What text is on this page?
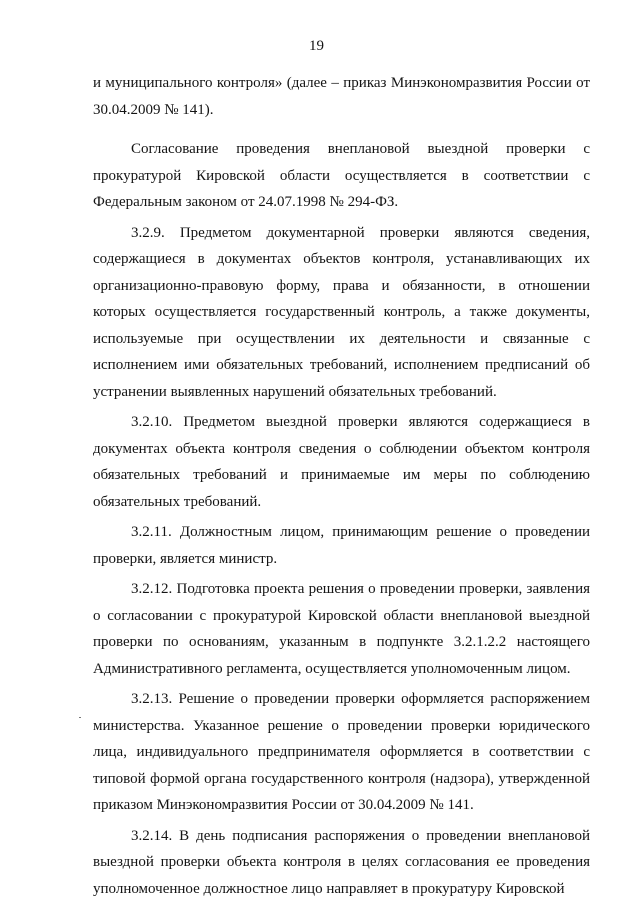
19

и муниципального контроля» (далее – приказ Минэкономразвития России от 30.04.2009 № 141).

Согласование проведения внеплановой выездной проверки с прокуратурой Кировской области осуществляется в соответствии с Федеральным законом от 24.07.1998 № 294-ФЗ.

3.2.9. Предметом документарной проверки являются сведения, содержащиеся в документах объектов контроля, устанавливающих их организационно-правовую форму, права и обязанности, в отношении которых осуществляется государственный контроль, а также документы, используемые при осуществлении их деятельности и связанные с исполнением ими обязательных требований, исполнением предписаний об устранении выявленных нарушений обязательных требований.

3.2.10. Предметом выездной проверки являются содержащиеся в документах объекта контроля сведения о соблюдении объектом контроля обязательных требований и принимаемые им меры по соблюдению обязательных требований.

3.2.11. Должностным лицом, принимающим решение о проведении проверки, является министр.

3.2.12. Подготовка проекта решения о проведении проверки, заявления о согласовании с прокуратурой Кировской области внеплановой выездной проверки по основаниям, указанным в подпункте 3.2.1.2.2 настоящего Административного регламента, осуществляется уполномоченным лицом.

3.2.13. Решение о проведении проверки оформляется распоряжением министерства. Указанное решение о проведении проверки юридического лица, индивидуального предпринимателя оформляется в соответствии с типовой формой органа государственного контроля (надзора), утвержденной приказом Минэкономразвития России от 30.04.2009 № 141.

3.2.14. В день подписания распоряжения о проведении внеплановой выездной проверки объекта контроля в целях согласования ее проведения уполномоченное должностное лицо направляет в прокуратуру Кировской
